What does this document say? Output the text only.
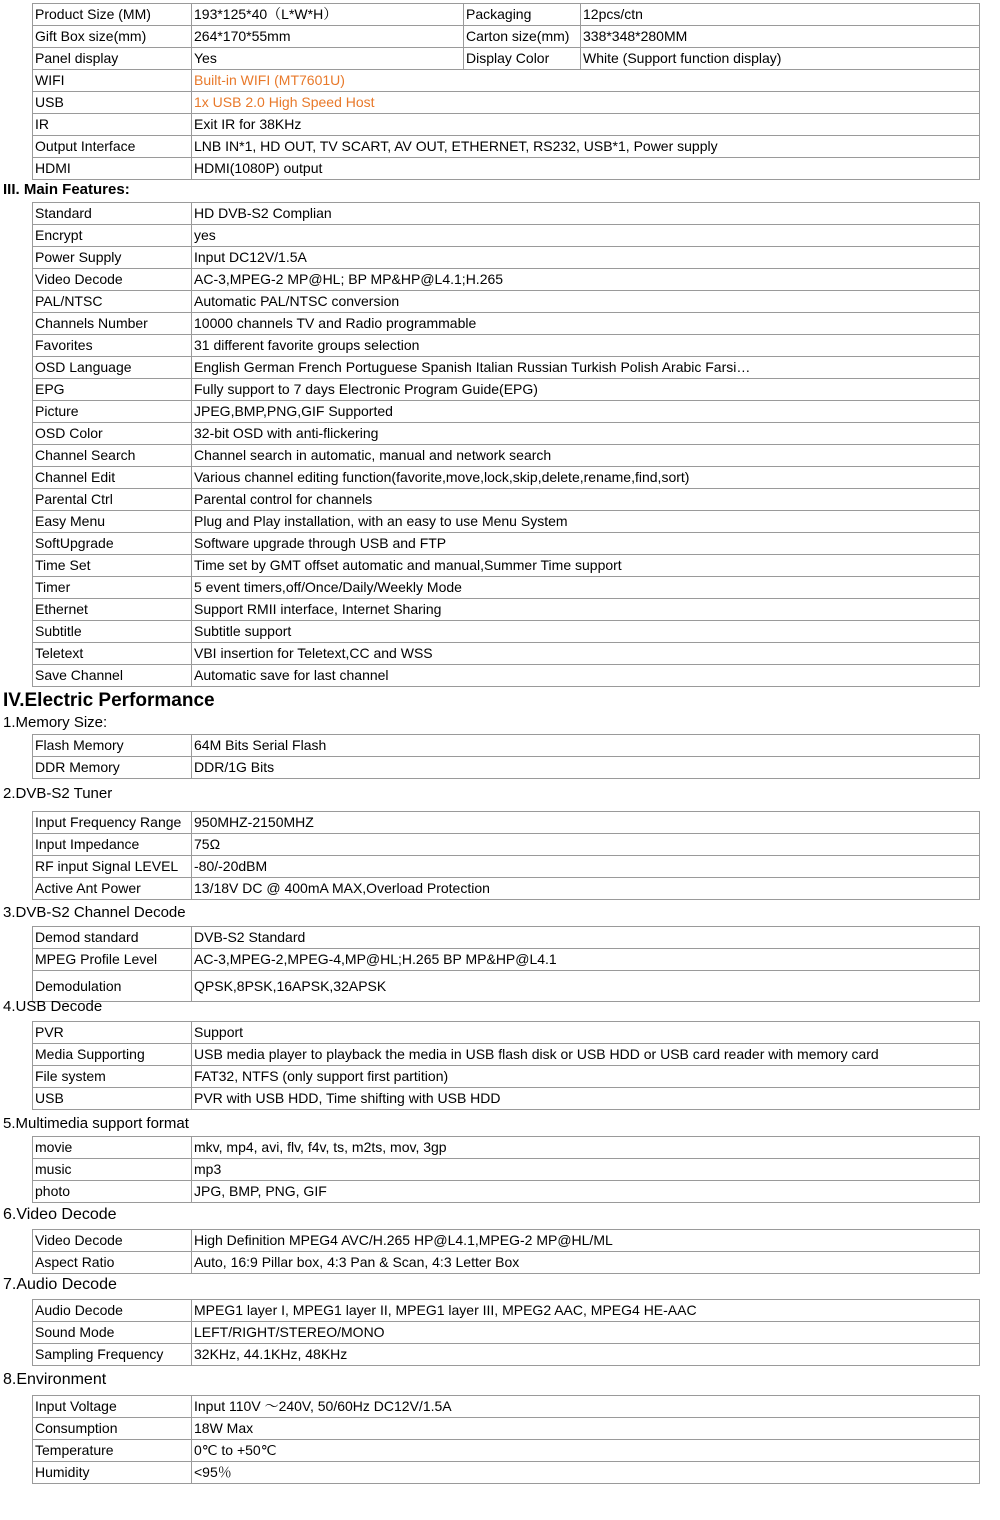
Product Size (MM)	193*125*40（L*W*H）	Packaging	12pcs/ctn
Gift Box size(mm)	264*170*55mm	Carton size(mm)	338*348*280MM
Panel display	Yes	Display Color	White (Support function display)
WIFI	Built-in WIFI (MT7601U)		
USB	1x USB 2.0 High Speed Host		
IR	Exit IR for 38KHz		
Output Interface	LNB IN*1, HD OUT, TV SCART, AV OUT, ETHERNET, RS232, USB*1, Power supply		
HDMI	HDMI(1080P) output		
III. Main Features:
Standard	HD DVB-S2 Complian
Encrypt	yes
Power Supply	Input DC12V/1.5A
Video Decode	AC-3,MPEG-2 MP@HL; BP MP&HP@L4.1;H.265
PAL/NTSC	Automatic PAL/NTSC conversion
Channels Number	10000 channels TV and Radio programmable
Favorites	31 different favorite groups selection
OSD Language	English German French Portuguese Spanish Italian Russian Turkish Polish Arabic Farsi…
EPG	Fully support to 7 days Electronic Program Guide(EPG)
Picture	JPEG,BMP,PNG,GIF Supported
OSD Color	32-bit OSD with anti-flickering
Channel Search	Channel search in automatic, manual and network search
Channel Edit	Various channel editing function(favorite,move,lock,skip,delete,rename,find,sort)
Parental Ctrl	Parental control for channels
Easy Menu	Plug and Play installation, with an easy to use Menu System
SoftUpgrade	Software upgrade through USB and FTP
Time Set	Time set by GMT offset automatic and manual,Summer Time support
Timer	5 event timers,off/Once/Daily/Weekly Mode
Ethernet	Support RMII interface, Internet Sharing
Subtitle	Subtitle support
Teletext	VBI insertion for Teletext,CC and WSS
Save Channel	Automatic save for last channel
IV.Electric Performance
1.Memory Size:
Flash Memory	64M Bits Serial Flash
DDR Memory	DDR/1G Bits
2.DVB-S2 Tuner
Input Frequency Range	950MHZ-2150MHZ
Input Impedance	75Ω
RF input Signal LEVEL	-80/-20dBM
Active Ant Power	13/18V DC @ 400mA MAX,Overload Protection
3.DVB-S2 Channel Decode
Demod standard	DVB-S2 Standard
MPEG Profile Level	AC-3,MPEG-2,MPEG-4,MP@HL;H.265 BP MP&HP@L4.1
Demodulation	QPSK,8PSK,16APSK,32APSK
4.USB Decode
PVR	Support
Media Supporting	USB media player to playback the media in USB flash disk or USB HDD or USB card reader with memory card
File system	FAT32, NTFS (only support first partition)
USB	PVR with USB HDD, Time shifting with USB HDD
5.Multimedia support format
movie	mkv, mp4, avi, flv, f4v, ts, m2ts, mov, 3gp
music	mp3
photo	JPG, BMP, PNG, GIF
6.Video Decode
Video Decode	High Definition MPEG4 AVC/H.265 HP@L4.1,MPEG-2 MP@HL/ML
Aspect Ratio	Auto, 16:9 Pillar box, 4:3 Pan & Scan, 4:3 Letter Box
7.Audio Decode
Audio Decode	MPEG1 layer I, MPEG1 layer II, MPEG1 layer III, MPEG2 AAC, MPEG4 HE-AAC
Sound Mode	LEFT/RIGHT/STEREO/MONO
Sampling Frequency	32KHz, 44.1KHz, 48KHz
8.Environment
Input Voltage	Input 110V ～240V, 50/60Hz DC12V/1.5A
Consumption	18W Max
Temperature	0℃ to +50℃
Humidity	<95％
